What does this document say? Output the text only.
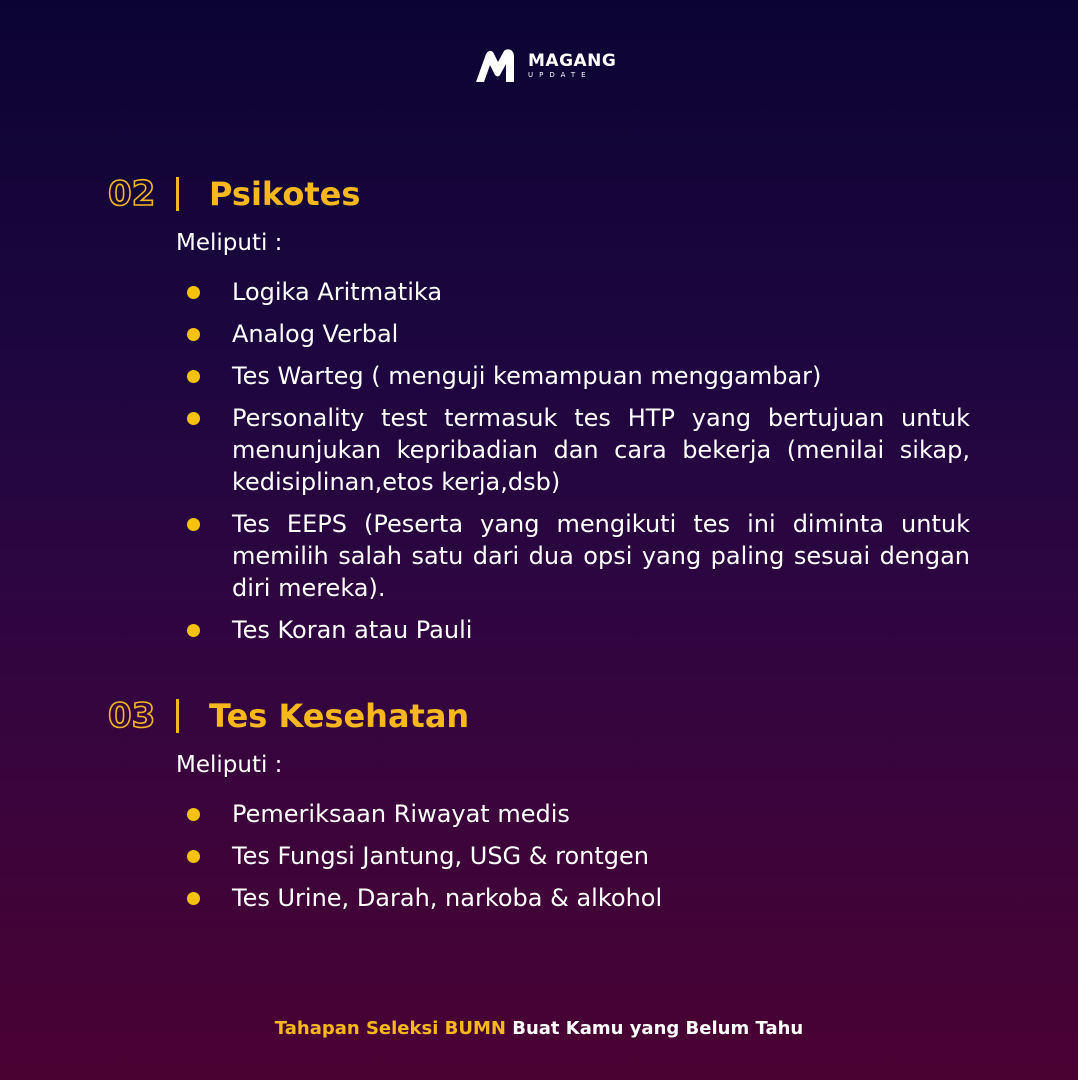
MAGANG
UPDATE
02 Psikotes
Meliputi :
Logika Aritmatika
Analog Verbal
Tes Warteg ( menguji kemampuan menggambar)
Personality test termasuk tes HTP yang bertujuan untuk menunjukan kepribadian dan cara bekerja (menilai sikap, kedisiplinan,etos kerja,dsb)
Tes EEPS (Peserta yang mengikuti tes ini diminta untuk memilih salah satu dari dua opsi yang paling sesuai dengan diri mereka).
Tes Koran atau Pauli
03 Tes Kesehatan
Meliputi :
Pemeriksaan Riwayat medis
Tes Fungsi Jantung, USG & rontgen
Tes Urine, Darah, narkoba & alkohol
Tahapan Seleksi BUMN Buat Kamu yang Belum Tahu
